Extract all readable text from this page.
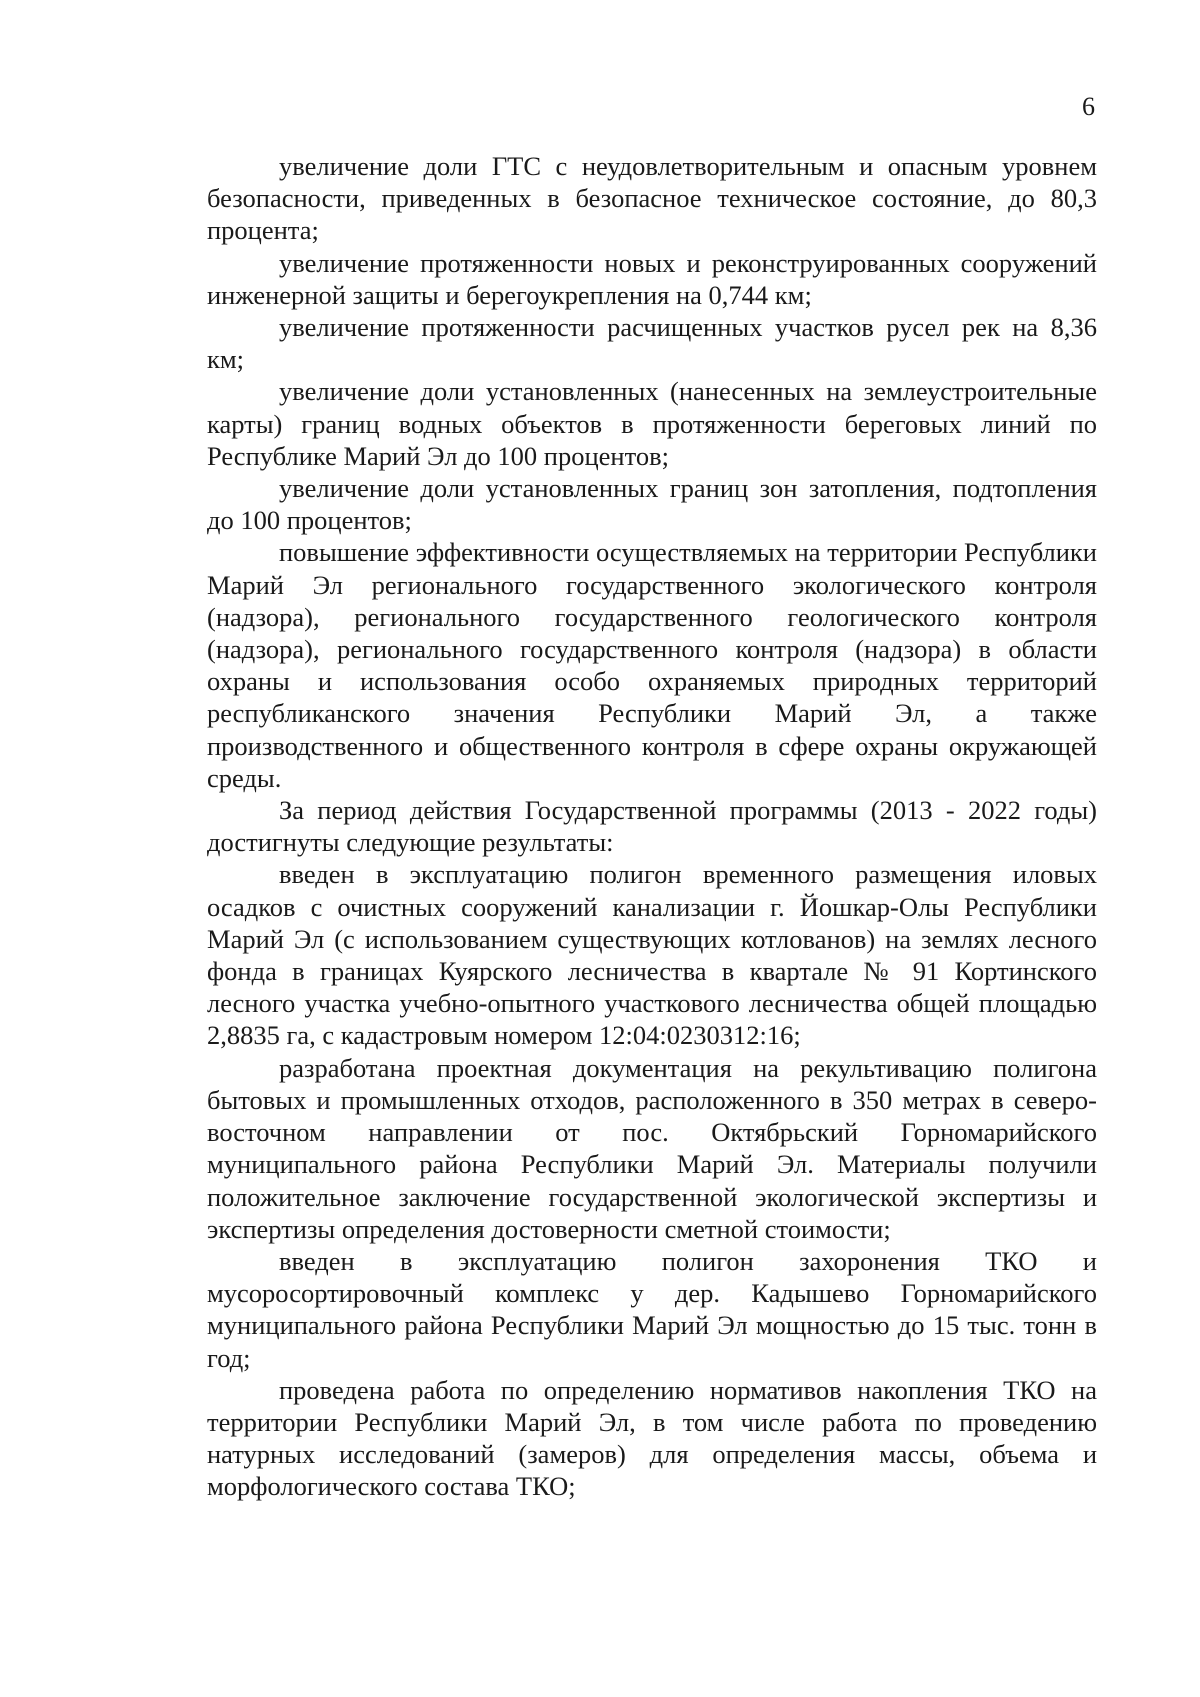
6

увеличение доли ГТС с неудовлетворительным и опасным уровнем безопасности, приведенных в безопасное техническое состояние, до 80,3 процента;

увеличение протяженности новых и реконструированных сооружений инженерной защиты и берегоукрепления на 0,744 км;

увеличение протяженности расчищенных участков русел рек на 8,36 км;

увеличение доли установленных (нанесенных на землеустроительные карты) границ водных объектов в протяженности береговых линий по Республике Марий Эл до 100 процентов;

увеличение доли установленных границ зон затопления, подтопления до 100 процентов;

повышение эффективности осуществляемых на территории Республики Марий Эл регионального государственного экологического контроля (надзора), регионального государственного геологического контроля (надзора), регионального государственного контроля (надзора) в области охраны и использования особо охраняемых природных территорий республиканского значения Республики Марий Эл, а также производственного и общественного контроля в сфере охраны окружающей среды.

За период действия Государственной программы (2013 - 2022 годы) достигнуты следующие результаты:

введен в эксплуатацию полигон временного размещения иловых осадков с очистных сооружений канализации г. Йошкар-Олы Республики Марий Эл (с использованием существующих котлованов) на землях лесного фонда в границах Куярского лесничества в квартале № 91 Кортинского лесного участка учебно-опытного участкового лесничества общей площадью 2,8835 га, с кадастровым номером 12:04:0230312:16;

разработана проектная документация на рекультивацию полигона бытовых и промышленных отходов, расположенного в 350 метрах в северо-восточном направлении от пос. Октябрьский Горномарийского муниципального района Республики Марий Эл. Материалы получили положительное заключение государственной экологической экспертизы и экспертизы определения достоверности сметной стоимости;

введен в эксплуатацию полигон захоронения ТКО и мусоросортировочный комплекс у дер. Кадышево Горномарийского муниципального района Республики Марий Эл мощностью до 15 тыс. тонн в год;

проведена работа по определению нормативов накопления ТКО на территории Республики Марий Эл, в том числе работа по проведению натурных исследований (замеров) для определения массы, объема и морфологического состава ТКО;
